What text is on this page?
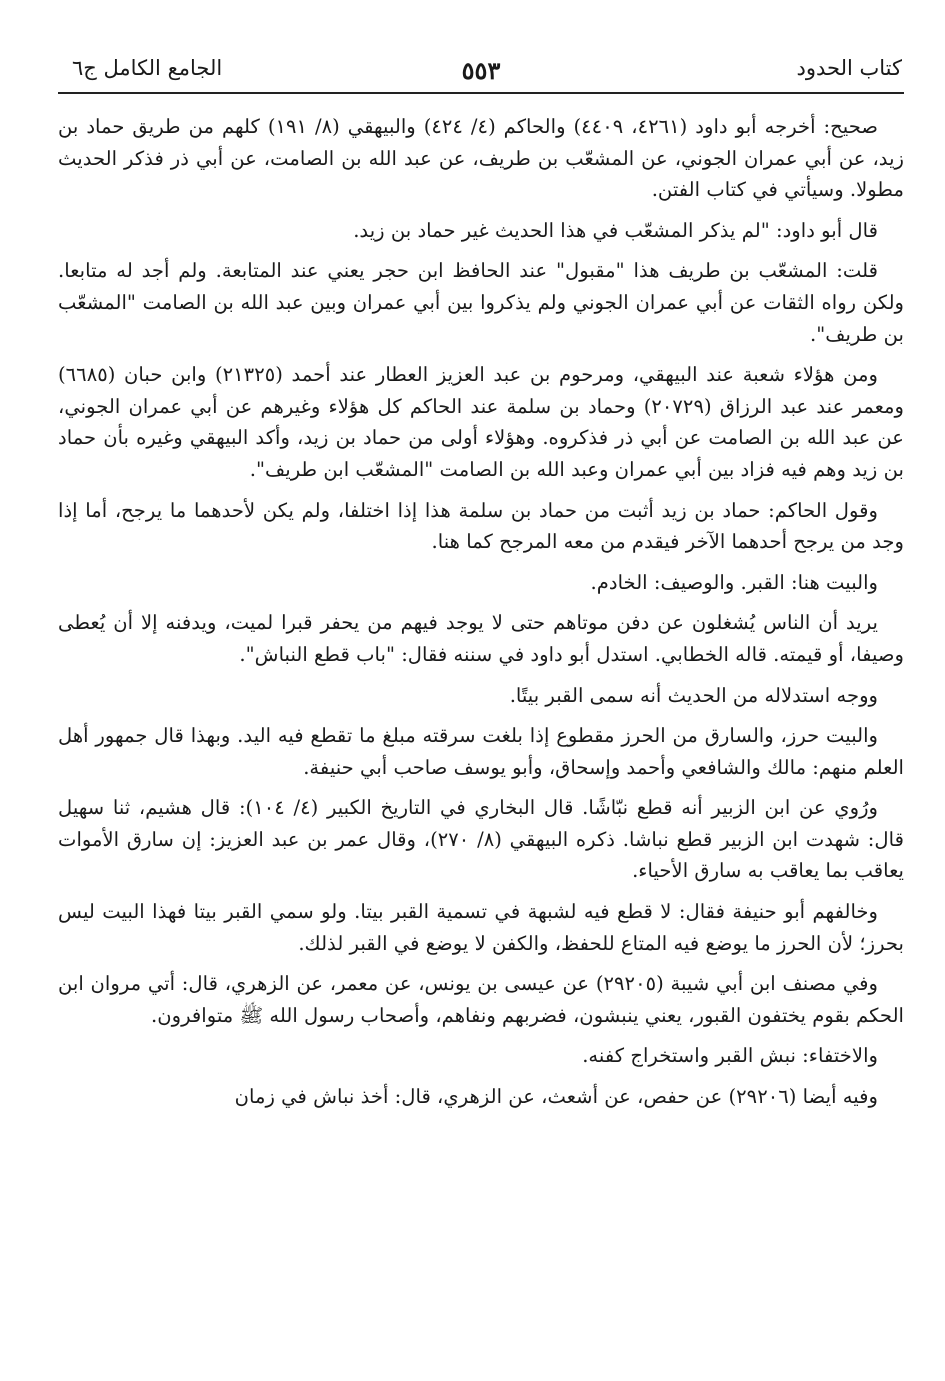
كتاب الحدود
٥٥٣
الجامع الكامل ج٦

صحيح: أخرجه أبو داود (٤٢٦١، ٤٤٠٩) والحاكم (٤/ ٤٢٤) والبيهقي (٨/ ١٩١) كلهم من طريق حماد بن زيد، عن أبي عمران الجوني، عن المشعّب بن طريف، عن عبد الله بن الصامت، عن أبي ذر فذكر الحديث مطولا. وسيأتي في كتاب الفتن.

قال أبو داود: "لم يذكر المشعّب في هذا الحديث غير حماد بن زيد.

قلت: المشعّب بن طريف هذا "مقبول" عند الحافظ ابن حجر يعني عند المتابعة. ولم أجد له متابعا. ولكن رواه الثقات عن أبي عمران الجوني ولم يذكروا بين أبي عمران وبين عبد الله بن الصامت "المشعّب بن طريف".

ومن هؤلاء شعبة عند البيهقي، ومرحوم بن عبد العزيز العطار عند أحمد (٢١٣٢٥) وابن حبان (٦٦٨٥) ومعمر عند عبد الرزاق (٢٠٧٢٩) وحماد بن سلمة عند الحاكم كل هؤلاء وغيرهم عن أبي عمران الجوني، عن عبد الله بن الصامت عن أبي ذر فذكروه. وهؤلاء أولى من حماد بن زيد، وأكد البيهقي وغيره بأن حماد بن زيد وهم فيه فزاد بين أبي عمران وعبد الله بن الصامت "المشعّب ابن طريف".

وقول الحاكم: حماد بن زيد أثبت من حماد بن سلمة هذا إذا اختلفا، ولم يكن لأحدهما ما يرجح، أما إذا وجد من يرجح أحدهما الآخر فيقدم من معه المرجح كما هنا.

والبيت هنا: القبر. والوصيف: الخادم.

يريد أن الناس يُشغلون عن دفن موتاهم حتى لا يوجد فيهم من يحفر قبرا لميت، ويدفنه إلا أن يُعطى وصيفا، أو قيمته. قاله الخطابي. استدل أبو داود في سننه فقال: "باب قطع النباش".

ووجه استدلاله من الحديث أنه سمى القبر بيتًا.

والبيت حرز، والسارق من الحرز مقطوع إذا بلغت سرقته مبلغ ما تقطع فيه اليد. وبهذا قال جمهور أهل العلم منهم: مالك والشافعي وأحمد وإسحاق، وأبو يوسف صاحب أبي حنيفة.

ورُوي عن ابن الزبير أنه قطع نبّاشًا. قال البخاري في التاريخ الكبير (٤/ ١٠٤): قال هشيم، ثنا سهيل قال: شهدت ابن الزبير قطع نباشا. ذكره البيهقي (٨/ ٢٧٠)، وقال عمر بن عبد العزيز: إن سارق الأموات يعاقب بما يعاقب به سارق الأحياء.

وخالفهم أبو حنيفة فقال: لا قطع فيه لشبهة في تسمية القبر بيتا. ولو سمي القبر بيتا فهذا البيت ليس بحرز؛ لأن الحرز ما يوضع فيه المتاع للحفظ، والكفن لا يوضع في القبر لذلك.

وفي مصنف ابن أبي شيبة (٢٩٢٠٥) عن عيسى بن يونس، عن معمر، عن الزهري، قال: أتي مروان ابن الحكم بقوم يختفون القبور، يعني ينبشون، فضربهم ونفاهم، وأصحاب رسول الله ﷺ متوافرون.

والاختفاء: نبش القبر واستخراج كفنه.

وفيه أيضا (٢٩٢٠٦) عن حفص، عن أشعث، عن الزهري، قال: أخذ نباش في زمان
